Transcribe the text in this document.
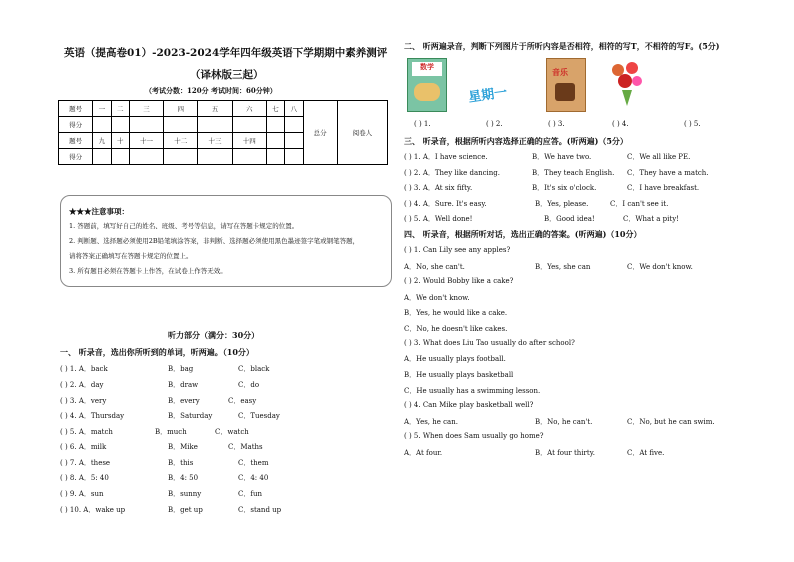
英语（提高卷01）-2023-2024学年四年级英语下学期期中素养测评
（译林版三起）
（考试分数：120分 考试时间：60分钟）
题号	一	二	三	四	五	六	七	八	总分	阅卷人
得分										
题号	九	十	十一	十二	十三	十四				
得分										
★★★注意事项：
1. 答题前，填写好自己的姓名、班级、考号等信息，请写在答题卡规定的位置。
2. 判断题、选择题必须使用2B铅笔填涂答案，非判断、选择题必须使用黑色墨迹签字笔或钢笔答题，
请将答案正确填写在答题卡规定的位置上。
3. 所有题目必须在答题卡上作答，在试卷上作答无效。
听力部分（满分：30分）
一、 听录音，选出你所听到的单词，听两遍。（10分）
( ) 1. A．back	B．bag	C．black
( ) 2. A．day	B．draw	C．do
( ) 3. A．very	B．every	C．easy
( ) 4. A．Thursday	B．Saturday	C．Tuesday
( ) 5. A．match	B．much	C．watch
( ) 6. A．milk	B．Mike	C．Maths
( ) 7. A．these	B．this	C．them
( ) 8. A．5: 40	B．4: 50	C．4: 40
( ) 9. A．sun	B．sunny	C．fun
( ) 10. A．wake up	B．get up	C．stand up
二、 听两遍录音，判断下列图片于所听内容是否相符，相符的写T，不相符的写F。(5分)
数学
星期一
音乐
( ) 1.	( ) 2.	( ) 3.	( ) 4.	( ) 5.
三、 听录音，根据所听内容选择正确的应答。(听两遍)（5分）
( ) 1. A．I have science.	B．We have two.	C．We all like PE.
( ) 2. A．They like dancing.	B．They teach English. C．They have a match.
( ) 3. A．At six fifty.	B．It's six o'clock.	C．I have breakfast.
( ) 4. A．Sure. It's easy.	B．Yes, please.	C．I can't see it.
( ) 5. A．Well done!	B．Good idea!	C．What a pity!
四、 听录音，根据所听对话，选出正确的答案。(听两遍)（10分）
( ) 1. Can Lily see any apples?
A．No, she can't.	B．Yes, she can	C．We don't know.
( ) 2. Would Bobby like a cake?
A．We don't know.
B．Yes, he would like a cake.
C．No, he doesn't like cakes.
( ) 3. What does Liu Tao usually do after school?
A．He usually plays football.
B．He usually plays basketball
C．He usually has a swimming lesson.
( ) 4. Can Mike play basketball well?
A．Yes, he can.	B．No, he can't.	C．No, but he can swim.
( ) 5. When does Sam usually go home?
A．At four.	B．At four thirty.	C．At five.
